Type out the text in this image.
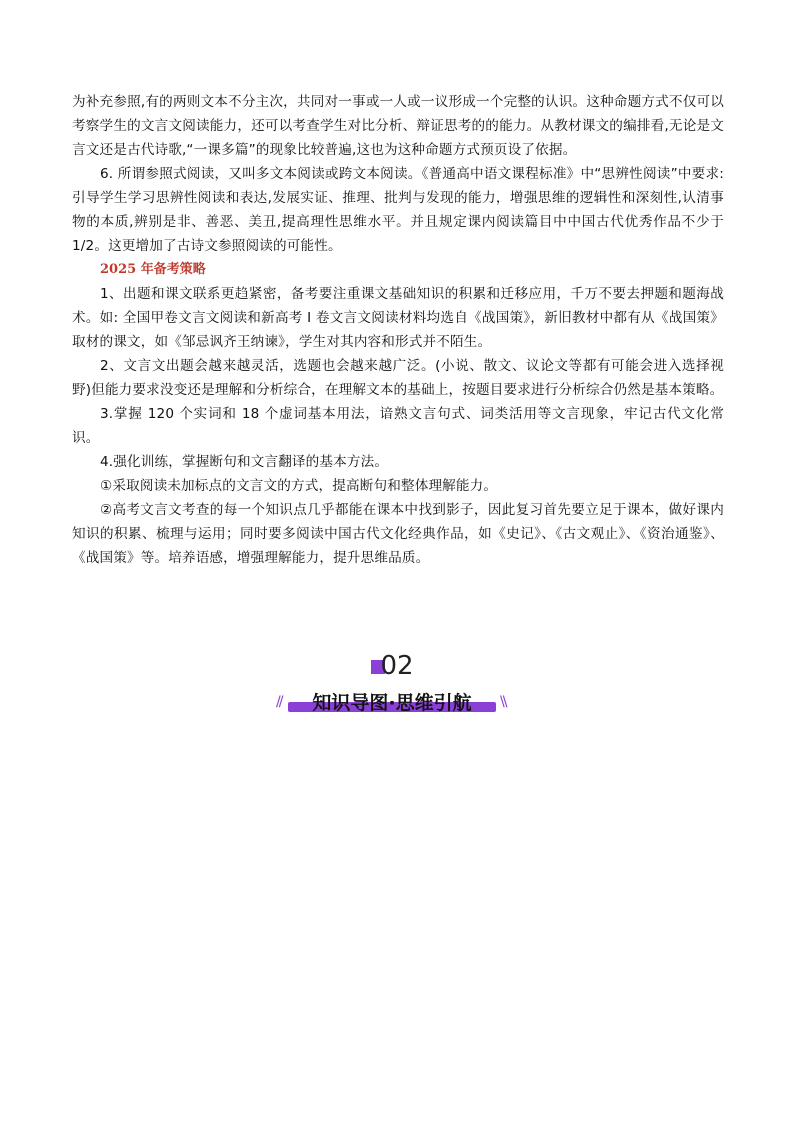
为补充参照,有的两则文本不分主次，共同对一事或一人或一议形成一个完整的认识。这种命题方式不仅可以考察学生的文言文阅读能力，还可以考查学生对比分析、辩证思考的的能力。从教材课文的编排看,无论是文言文还是古代诗歌,“一课多篇”的现象比较普遍,这也为这种命题方式预页设了依据。

6. 所谓参照式阅读，又叫多文本阅读或跨文本阅读。《普通高中语文课程标准》中“思辨性阅读”中要求:引导学生学习思辨性阅读和表达,发展实证、推理、批判与发现的能力，增强思维的逻辑性和深刻性,认清事物的本质,辨别是非、善恶、美丑,提高理性思维水平。并且规定课内阅读篇目中中国古代优秀作品不少于 1/2。这更增加了古诗文参照阅读的可能性。

2025 年备考策略

1、出题和课文联系更趋紧密，备考要注重课文基础知识的积累和迁移应用，千万不要去押题和题海战术。如: 全国甲卷文言文阅读和新高考 I 卷文言文阅读材料均选自《战国策》，新旧教材中都有从《战国策》取材的课文，如《邹忌讽齐王纳谏》，学生对其内容和形式并不陌生。

2、文言文出题会越来越灵活，选题也会越来越广泛。(小说、散文、议论文等都有可能会进入选择视野)但能力要求没变还是理解和分析综合，在理解文本的基础上，按题目要求进行分析综合仍然是基本策略。

3.掌握 120 个实词和 18 个虚词基本用法，谙熟文言句式、词类活用等文言现象，牢记古代文化常识。

4.强化训练，掌握断句和文言翻译的基本方法。

①采取阅读未加标点的文言文的方式，提高断句和整体理解能力。

②高考文言文考查的每一个知识点几乎都能在课本中找到影子，因此复习首先要立足于课本，做好课内知识的积累、梳理与运用；同时要多阅读中国古代文化经典作品，如《史记》、《古文观止》、《资治通鉴》、《战国策》等。培养语感，增强理解能力，提升思维品质。

02
//	知识导图·思维引航	\\
